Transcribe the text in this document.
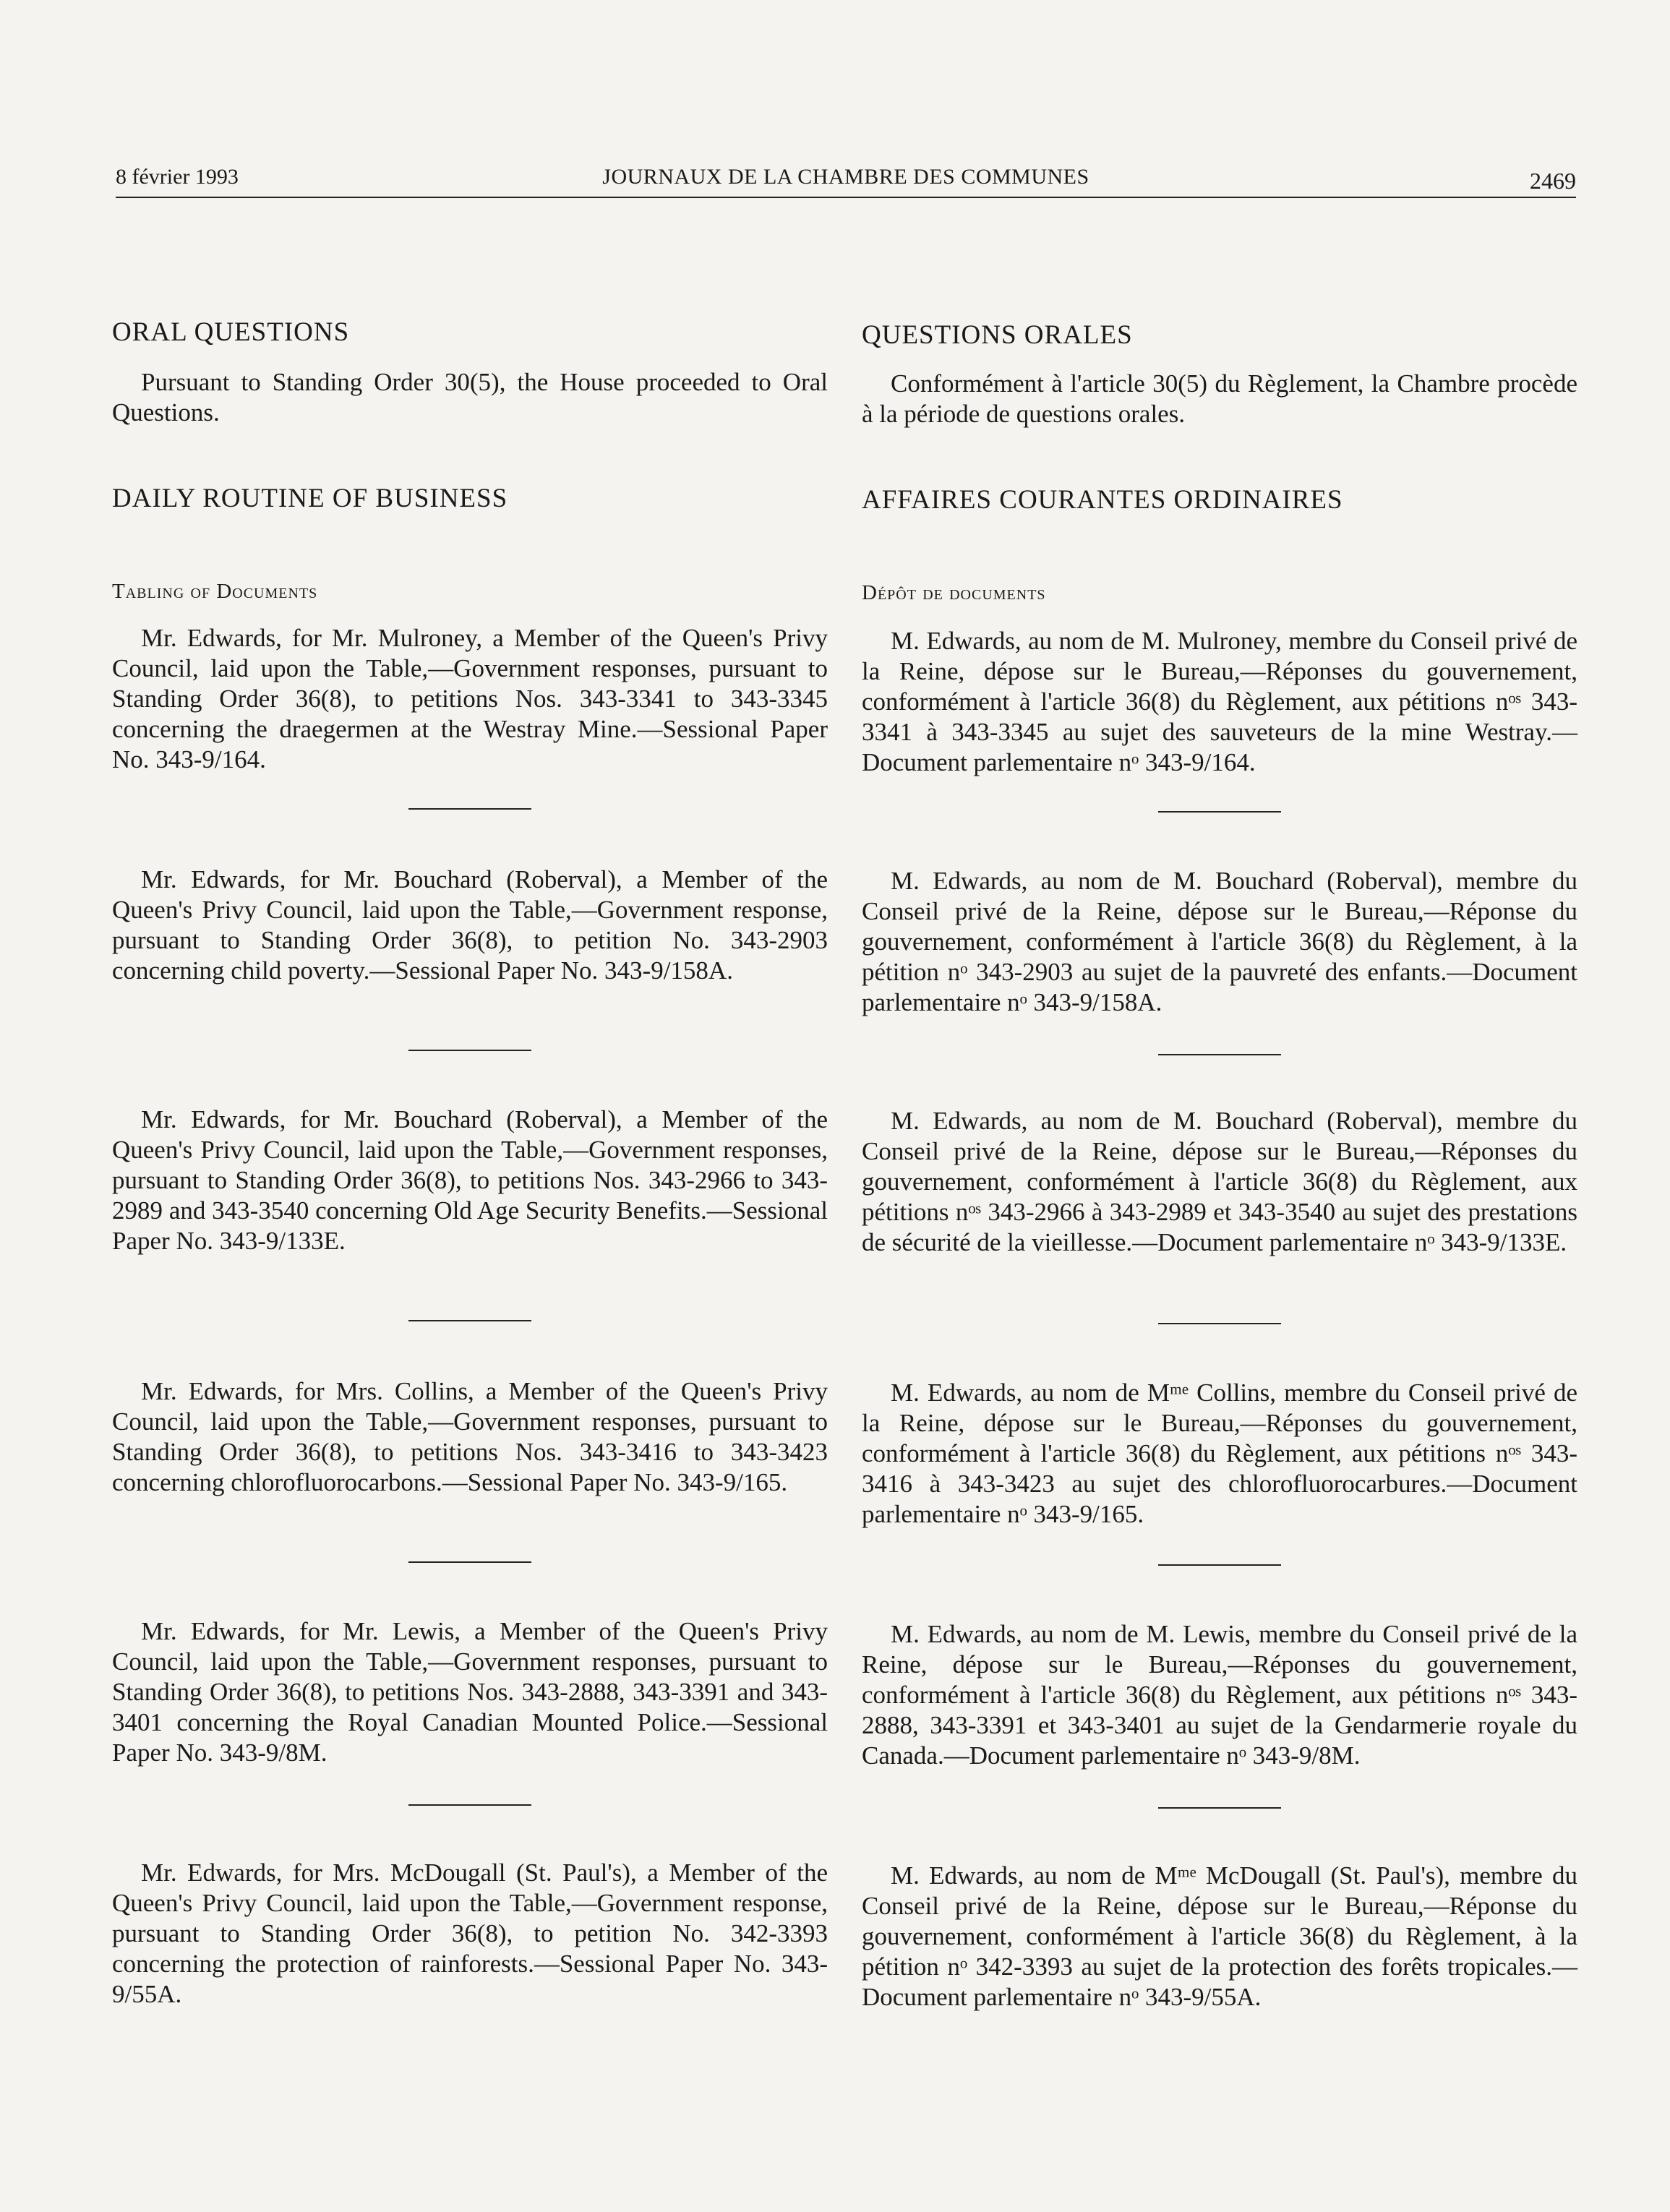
8 février 1993	JOURNAUX DE LA CHAMBRE DES COMMUNES	2469
ORAL QUESTIONS

Pursuant to Standing Order 30(5), the House proceeded to Oral Questions.

DAILY ROUTINE OF BUSINESS
Tabling of Documents

Mr. Edwards, for Mr. Mulroney, a Member of the Queen's Privy Council, laid upon the Table,—Government responses, pursuant to Standing Order 36(8), to petitions Nos. 343-3341 to 343-3345 concerning the draegermen at the Westray Mine.—Sessional Paper No. 343-9/164.

Mr. Edwards, for Mr. Bouchard (Roberval), a Member of the Queen's Privy Council, laid upon the Table,—Government response, pursuant to Standing Order 36(8), to petition No. 343-2903 concerning child poverty.—Sessional Paper No. 343-9/158A.

Mr. Edwards, for Mr. Bouchard (Roberval), a Member of the Queen's Privy Council, laid upon the Table,—Government responses, pursuant to Standing Order 36(8), to petitions Nos. 343-2966 to 343-2989 and 343-3540 concerning Old Age Security Benefits.—Sessional Paper No. 343-9/133E.

Mr. Edwards, for Mrs. Collins, a Member of the Queen's Privy Council, laid upon the Table,—Government responses, pursuant to Standing Order 36(8), to petitions Nos. 343-3416 to 343-3423 concerning chlorofluorocarbons.—Sessional Paper No. 343-9/165.

Mr. Edwards, for Mr. Lewis, a Member of the Queen's Privy Council, laid upon the Table,—Government responses, pursuant to Standing Order 36(8), to petitions Nos. 343-2888, 343-3391 and 343-3401 concerning the Royal Canadian Mounted Police.—Sessional Paper No. 343-9/8M.

Mr. Edwards, for Mrs. McDougall (St. Paul's), a Member of the Queen's Privy Council, laid upon the Table,—Government response, pursuant to Standing Order 36(8), to petition No. 342-3393 concerning the protection of rainforests.—Sessional Paper No. 343-9/55A.

QUESTIONS ORALES

Conformément à l'article 30(5) du Règlement, la Chambre procède à la période de questions orales.

AFFAIRES COURANTES ORDINAIRES
Dépôt de documents

M. Edwards, au nom de M. Mulroney, membre du Conseil privé de la Reine, dépose sur le Bureau,—Réponses du gouvernement, conformément à l'article 36(8) du Règlement, aux pétitions nᵒˢ 343-3341 à 343-3345 au sujet des sauveteurs de la mine Westray.—Document parlementaire nᵒ 343-9/164.

M. Edwards, au nom de M. Bouchard (Roberval), membre du Conseil privé de la Reine, dépose sur le Bureau,—Réponse du gouvernement, conformément à l'article 36(8) du Règlement, à la pétition nᵒ 343-2903 au sujet de la pauvreté des enfants.—Document parlementaire nᵒ 343-9/158A.

M. Edwards, au nom de M. Bouchard (Roberval), membre du Conseil privé de la Reine, dépose sur le Bureau,—Réponses du gouvernement, conformément à l'article 36(8) du Règlement, aux pétitions nᵒˢ 343-2966 à 343-2989 et 343-3540 au sujet des prestations de sécurité de la vieillesse.—Document parlementaire nᵒ 343-9/133E.

M. Edwards, au nom de Mᵐᵉ Collins, membre du Conseil privé de la Reine, dépose sur le Bureau,—Réponses du gouvernement, conformément à l'article 36(8) du Règlement, aux pétitions nᵒˢ 343-3416 à 343-3423 au sujet des chlorofluorocarbures.—Document parlementaire nᵒ 343-9/165.

M. Edwards, au nom de M. Lewis, membre du Conseil privé de la Reine, dépose sur le Bureau,—Réponses du gouvernement, conformément à l'article 36(8) du Règlement, aux pétitions nᵒˢ 343-2888, 343-3391 et 343-3401 au sujet de la Gendarmerie royale du Canada.—Document parlementaire nᵒ 343-9/8M.

M. Edwards, au nom de Mᵐᵉ McDougall (St. Paul's), membre du Conseil privé de la Reine, dépose sur le Bureau,—Réponse du gouvernement, conformément à l'article 36(8) du Règlement, à la pétition nᵒ 342-3393 au sujet de la protection des forêts tropicales.—Document parlementaire nᵒ 343-9/55A.
